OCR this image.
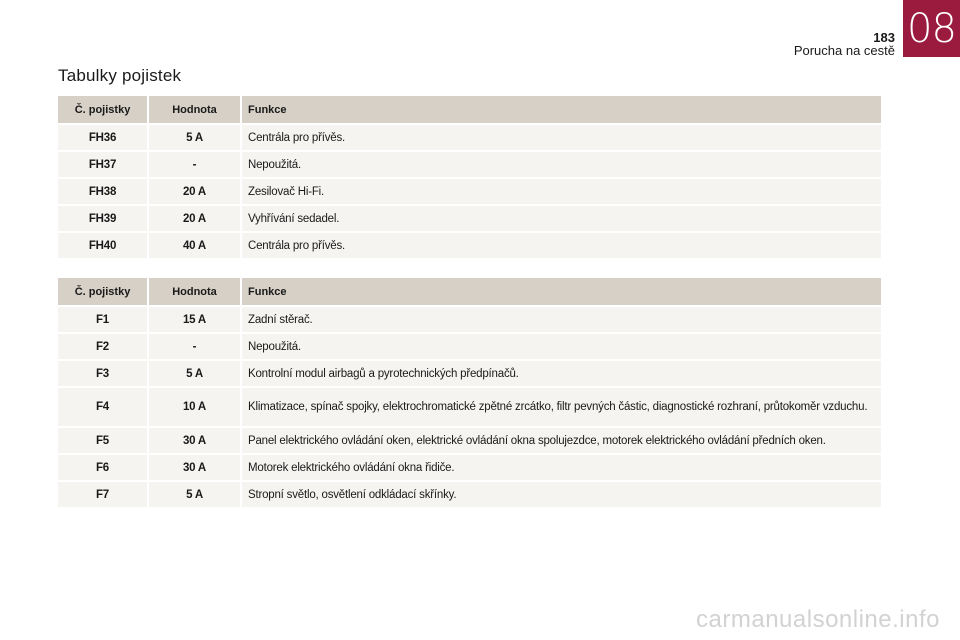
08
183
Poruchа na cestě
Tabulky pojistek
Č. pojistky	Hodnota	Funkce
FH36	5 A	Centrála pro přívěs.
FH37	-	Nepoužitá.
FH38	20 A	Zesilovač Hi-Fi.
FH39	20 A	Vyhřívání sedadel.
FH40	40 A	Centrála pro přívěs.
Č. pojistky	Hodnota	Funkce
F1	15 A	Zadní stěrač.
F2	-	Nepoužitá.
F3	5 A	Kontrolní modul airbagů a pyrotechnických předpínačů.
F4	10 A	Klimatizace, spínač spojky, elektrochromatické zpětné zrcátko, filtr pevných částic, diagnostické rozhraní, průtokoměr vzduchu.
F5	30 A	Panel elektrického ovládání oken, elektrické ovládání okna spolujezdce, motorek elektrického ovládání předních oken.
F6	30 A	Motorek elektrického ovládání okna řidiče.
F7	5 A	Stropní světlo, osvětlení odkládací skřínky.
carmanualsonline.info
